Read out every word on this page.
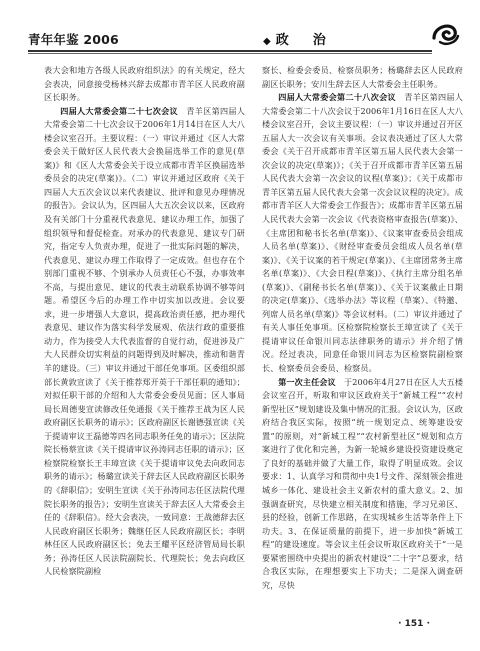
青年年鉴 2006	◆ 政 治

表大会和地方各级人民政府组织法》的有关规定，经大会表决，同意接受杨林兴辞去成都市青羊区人民政府副区长职务。

四届人大常委会第二十七次会议　 青羊区第四届人大常委会第二十七次会议于2006年1月14日在区人大八楼会议室召开。主要议程：（一）审议并通过《区人大常委会关于做好区人民代表大会换届选举工作的意见(草案)》和《区人大常委会关于设立成都市青羊区换届选举委员会的决定(草案)》。（二）审议并通过区政府《关于四届人大五次会议以来代表建议、批评和意见办理情况的报告》。会议认为，区四届人大五次会议以来，区政府及有关部门十分重视代表意见、建议办理工作，加强了组织领导和督促检查。对承办的代表意见、建议专门研究，指定专人负责办理，促进了一批实际问题的解决，代表意见、建议办理工作取得了一定成效。但也存在个别部门重视不够、个别承办人员责任心不强，办事效率不高，与提出意见、建议的代表主动联系协调不够等问题。希望区今后的办理工作中切实加以改进。会议要求，进一步增强人大意识，提高政治责任感，把办理代表意见、建议作为落实科学发展观、依法行政的重要推动力，作为接受人大代表监督的自觉行动，促进涉及广大人民群众切实利益的问题得到及时解决，推动和谐青羊的建设。（三）审议并通过干部任免事项。区委组织部部长黄敦宣读了《关于推荐郑开英于干部任职的通知》；对拟任职干部的介绍和人大常委会委员见面；区人事局局长周德斐宣读修改任免通报《关于推荐王战为区人民政府副区长职务的请示》；区政府副区长谢德强宣读《关于提请审议王磊德等四名同志职务任免的请示》；区法院院长杨蔡宣读《关于提请审议孙涛同志任职的请示》；区检察院检察长王丰璋宣读《关于提请审议免去向政同志职务的请示》；杨璐宣读关于辞去区人民政府副区长职务的《辞职信》；安明生宣读《关于孙涛同志任区法院代理院长职务的报告》；安明生宣读关于辞去区人大常委会主任的《辞职信》。经大会表决，一致同意：王战德辞去区人民政府副区长职务；魏继任区人民政府副区长；李明林任区人民政府副区长；免去王耀平区经济管局局长职务；孙涛任区人民法院副院长、代理院长；免去向政区人民检察院副检

察长、检委会委员、检察员职务；杨璐辞去区人民政府副区长职务；安川生辞去区人大常委会主任职务。

四届人大常委会第二十八次会议　 青羊区第四届人大常委会第二十八次会议于2006年1月16日在区人大八楼会议室召开，会议主要议程：（一）审议并通过召开区五届人大一次会议有关事项。会议表决通过了区人大常委会《关于召开成都市青羊区第五届人民代表大会第一次会议的决定(草案)》；《关于召开成都市青羊区第五届人民代表大会第一次会议的议程(草案)》；《关于成都市青羊区第五届人民代表大会第一次会议议程的决定》。成都市青羊区人大常委会工作报告》；成都市青羊区第五届人民代表大会第一次会议《代表资格审查报告(草案)》、《主席团和秘书长名单(草案)》、《议案审查委员会组成人员名单(草案)》、《财经审查委员会组成人员名单(草案)》、《关于议案的若干规定(草案)》、《主席团常务主席名单(草案)》、《大会日程(草案)》、《执行主席分组名单(草案)》、《副秘书长名单(草案)》、《关于议案截止日期的决定(草案)》、《选举办法》等议程（草案）、《特邀、列席人员名单(草案)》等会议材料。（二）审议并通过了有关人事任免事项。区检察院检察长王璋宣读了《关于提请审议任命银川同志法律职务的请示》并介绍了情况。经过表决，同意任命银川同志为区检察院副检察长、检察委员会委员、检察员。

第一次主任会议　 于2006年4月27日在区人大五楼会议室召开，听取和审议区政府关于“新城工程”“农村新型社区”规划建设及集中情况的汇报。会议认为，区政府结合我区实际，按照“统一规划定点、统筹建设安置”的原则，对“新城工程”“农村新型社区”规划和点方案进行了优化和完善，为新一轮城乡建设投资建设奠定了良好的基础并做了大量工作，取得了明显成效。会议要求：1、认真学习和贯彻中央1号文件、深刻领会推进城乡一体化、建设社会主义新农村的重大意义。2、加强调查研究，尽快建立相关制度和措施，学习兄弟区、县的经验，创新工作思路，在实现城乡生活等条件上下功夫。3、在保证质量的前提下，进一步加快“新城工程”的建设速度。等会议主任会议听取区政府关于“一是要紧密围绕中央提出的新农村建设“二十字”总要求，结合我区实际，在理想要实上下功夫；二是深入调查研究，尽快

· 151 ·
